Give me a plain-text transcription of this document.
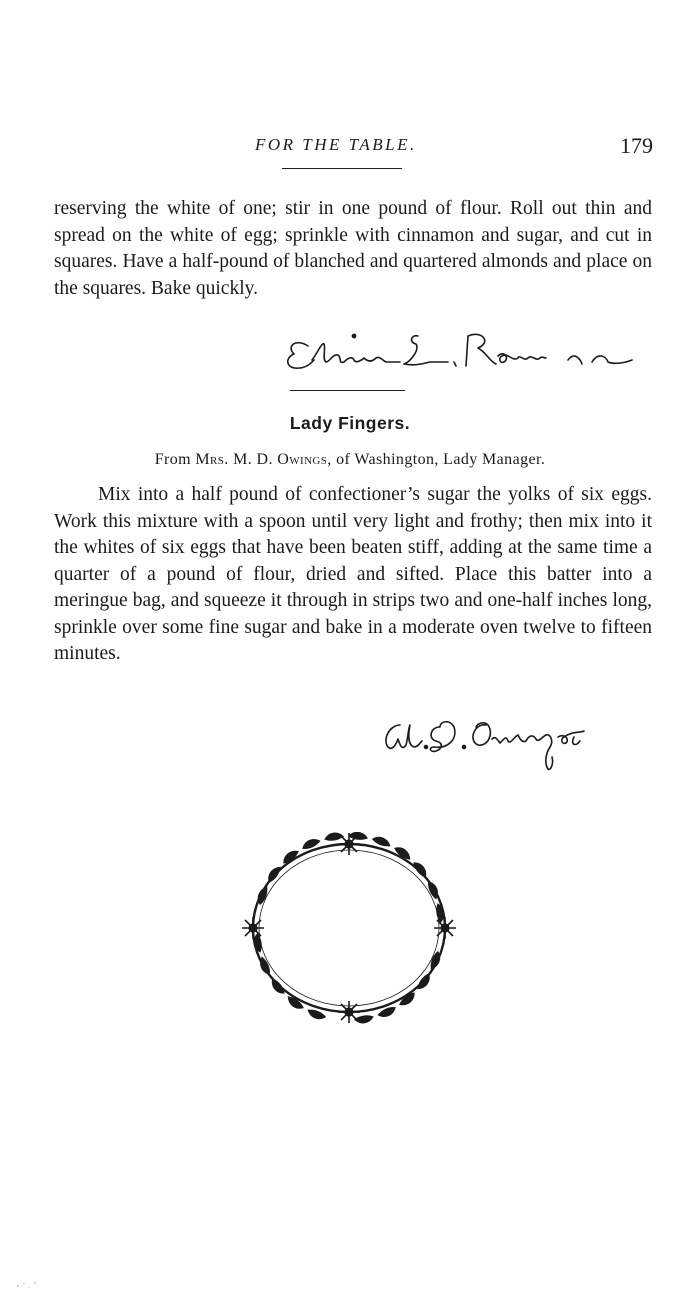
FOR THE TABLE.	179

reserving the white of one; stir in one pound of flour. Roll out thin and spread on the white of egg; sprinkle with cinnamon and sugar, and cut in squares. Have a half-pound of blanched and quartered almonds and place on the squares. Bake quickly.

Lady Fingers.
From Mrs. M. D. Owings, of Washington, Lady Manager.

Mix into a half pound of confectioner’s sugar the yolks of six eggs. Work this mixture with a spoon until very light and frothy; then mix into it the whites of six eggs that have been beaten stiff, adding at the same time a quarter of a pound of flour, dried and sifted. Place this batter into a meringue bag, and squeeze it through in strips two and one-half inches long, sprinkle over some fine sugar and bake in a moderate oven twelve to fifteen minutes.
